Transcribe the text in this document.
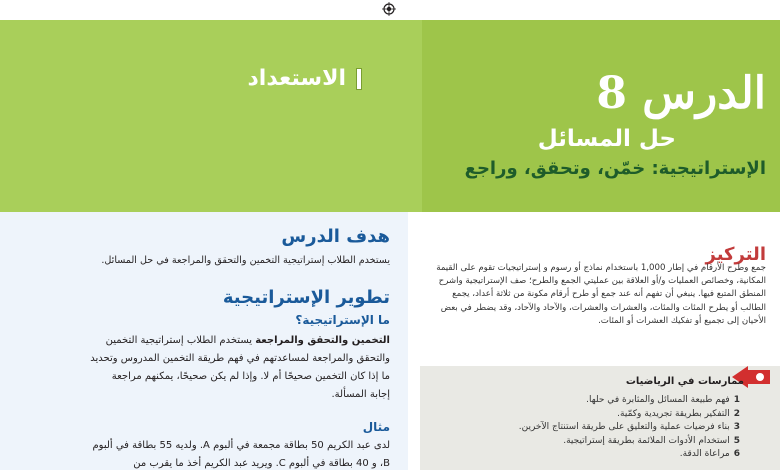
الاستعداد	الدرس 8
حل المسائل
الإستراتيجية: خمّن، وتحقق، وراجع
هدف الدرس
يستخدم الطلاب إستراتيجية التخمين والتحقق والمراجعة في حل المسائل.
تطوير الإستراتيجية
ما الإستراتيجية؟
التخمين والتحقق والمراجعة يستخدم الطلاب إستراتيجية التخمين
والتحقق والمراجعة لمساعدتهم في فهم طريقة التخمين المدروس وتحديد
ما إذا كان التخمين صحيحًا أم لا. وإذا لم يكن صحيحًا، يمكنهم مراجعة
إجابة المسألة.
مثال
لدى عبد الكريم 50 بطاقة مجمعة في ألبوم A. ولديه 55 بطاقة في ألبوم
B، و 40 بطاقة في ألبوم C. ويريد عبد الكريم أخذ ما يقرب من
التركيز
جمع وطرح الأرقام في إطار 1,000 باستخدام نماذج أو رسوم و إستراتيجيات تقوم على القيمة المكانية، وخصائص العمليات و/أو العلاقة بين عمليتي الجمع والطرح؛ صف الإستراتيجية واشرح المنطق المتبع فيها. ينبغي أن تفهم أنه عند جمع أو طرح أرقام مكونة من ثلاثة أعداد، يجمع الطالب أو يطرح المئات والمئات، والعشرات والعشرات، والآحاد والآحاد، وقد يضطر في بعض الأحيان إلى تجميع أو تفكيك العشرات أو المئات.
ممارسات في الرياضيات
1فهم طبيعة المسائل والمثابرة في حلها.
2التفكير بطريقة تجريدية وكمّية.
3بناء فرضيات عملية والتعليق على طريقة استنتاج الآخرين.
5استخدام الأدوات الملائمة بطريقة إستراتيجية.
6مراعاة الدقة.
